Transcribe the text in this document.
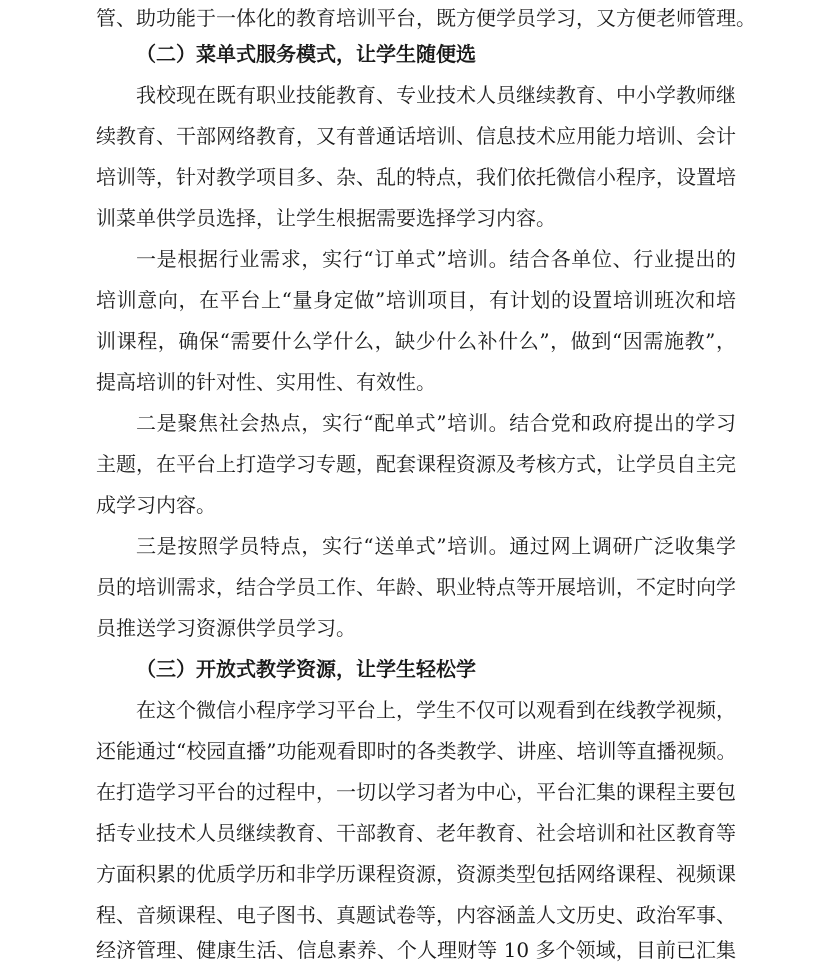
管、助功能于一体化的教育培训平台，既方便学员学习，又方便老师管理。
（二）菜单式服务模式，让学生随便选
我校现在既有职业技能教育、专业技术人员继续教育、中小学教师继
续教育、干部网络教育，又有普通话培训、信息技术应用能力培训、会计
培训等，针对教学项目多、杂、乱的特点，我们依托微信小程序，设置培
训菜单供学员选择，让学生根据需要选择学习内容。
一是根据行业需求，实行“订单式”培训。结合各单位、行业提出的
培训意向，在平台上“量身定做”培训项目，有计划的设置培训班次和培
训课程，确保“需要什么学什么，缺少什么补什么”，做到“因需施教”，
提高培训的针对性、实用性、有效性。
二是聚焦社会热点，实行“配单式”培训。结合党和政府提出的学习
主题，在平台上打造学习专题，配套课程资源及考核方式，让学员自主完
成学习内容。
三是按照学员特点，实行“送单式”培训。通过网上调研广泛收集学
员的培训需求，结合学员工作、年龄、职业特点等开展培训，不定时向学
员推送学习资源供学员学习。
（三）开放式教学资源，让学生轻松学
在这个微信小程序学习平台上，学生不仅可以观看到在线教学视频，
还能通过“校园直播”功能观看即时的各类教学、讲座、培训等直播视频。
在打造学习平台的过程中，一切以学习者为中心，平台汇集的课程主要包
括专业技术人员继续教育、干部教育、老年教育、社会培训和社区教育等
方面积累的优质学历和非学历课程资源，资源类型包括网络课程、视频课
程、音频课程、电子图书、真题试卷等，内容涵盖人文历史、政治军事、
经济管理、健康生活、信息素养、个人理财等 10 多个领域，目前已汇集
